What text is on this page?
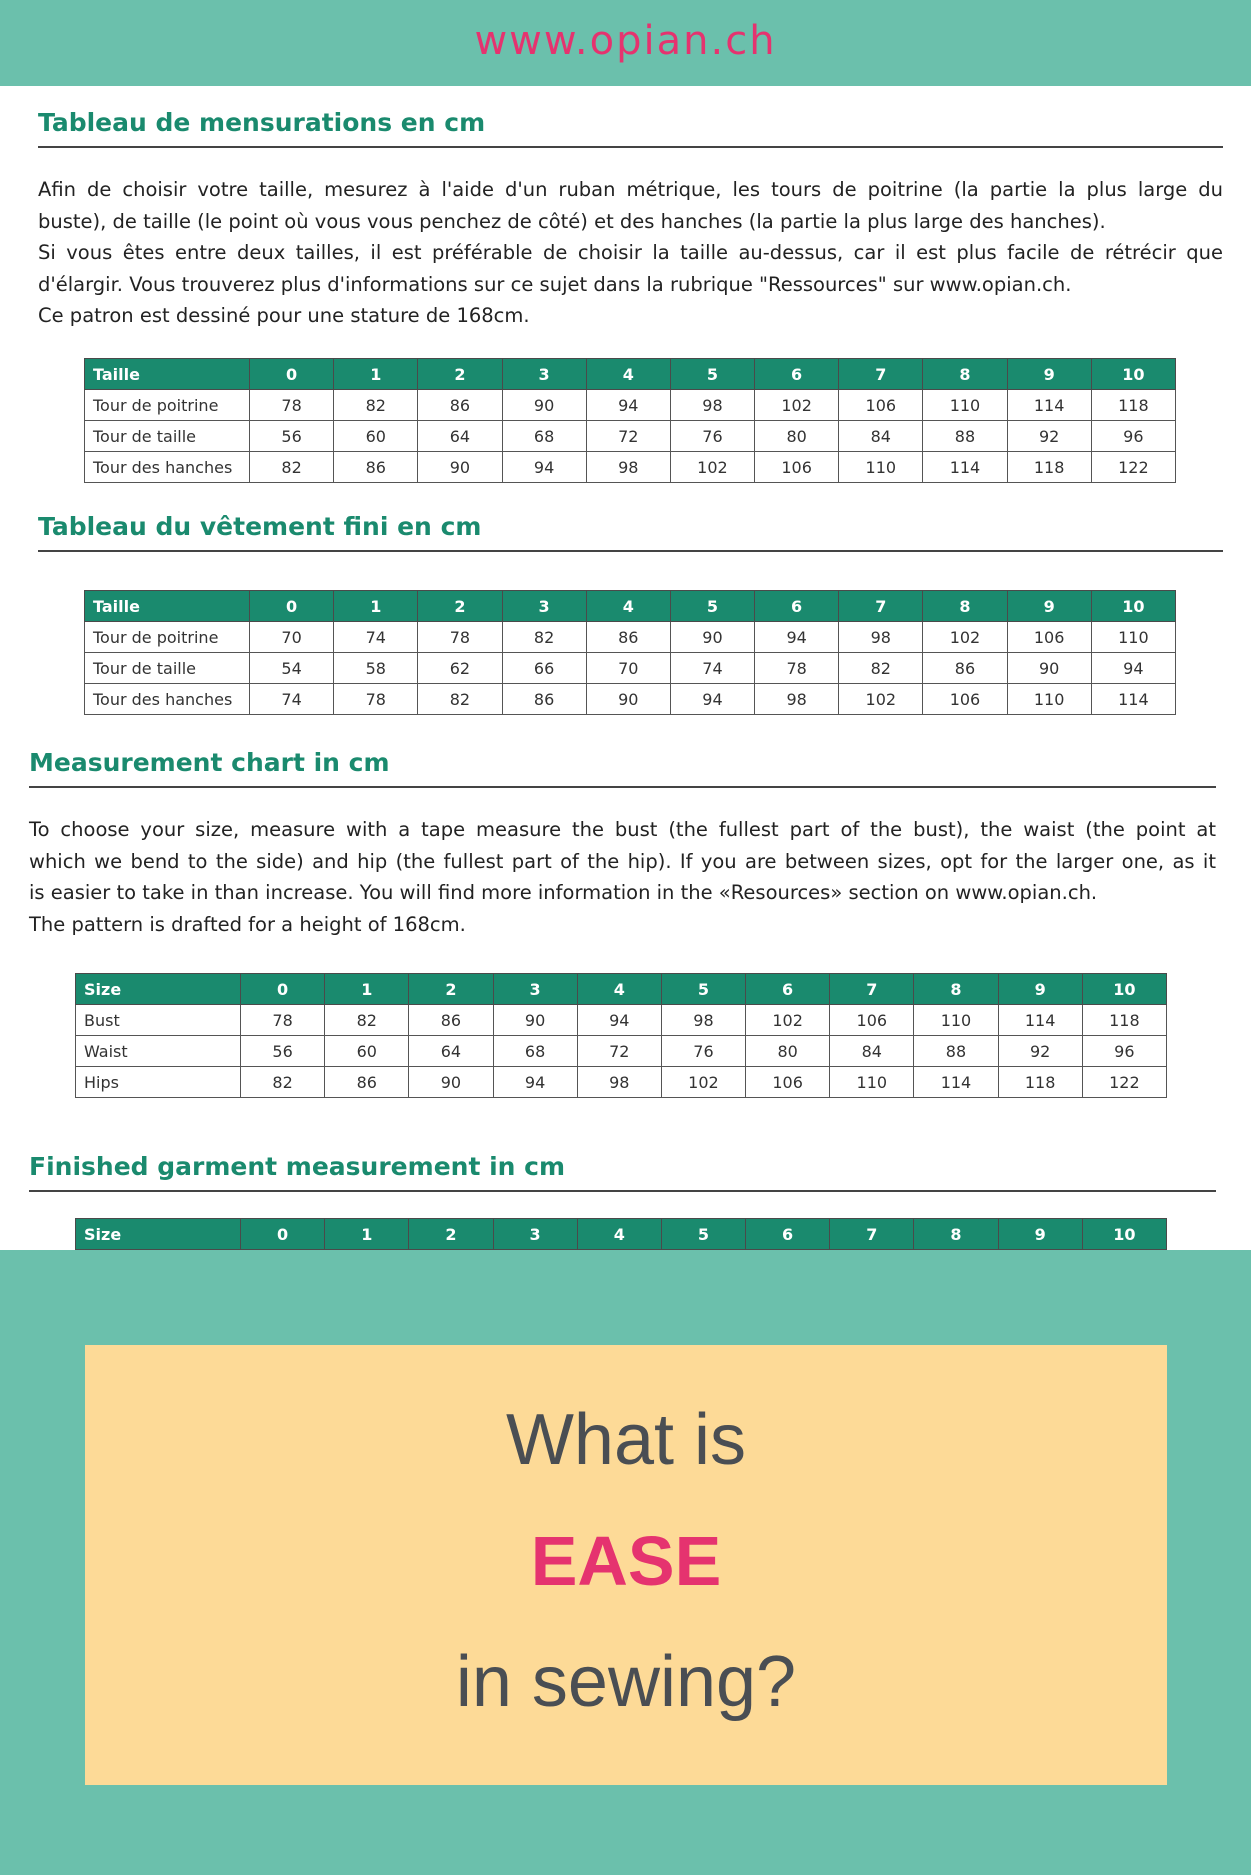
www.opian.ch
Tableau de mensurations en cm

Afin de choisir votre taille, mesurez à l'aide d'un ruban métrique, les tours de poitrine (la partie la plus large du

buste), de taille (le point où vous vous penchez de côté) et des hanches (la partie la plus large des hanches).

Si vous êtes entre deux tailles, il est préférable de choisir la taille au-dessus, car il est plus facile de rétrécir que

d'élargir. Vous trouverez plus d'informations sur ce sujet dans la rubrique "Ressources" sur www.opian.ch.

Ce patron est dessiné pour une stature de 168cm.

Taille	0	1	2	3	4	5	6	7	8	9	10
Tour de poitrine	78	82	86	90	94	98	102	106	110	114	118
Tour de taille	56	60	64	68	72	76	80	84	88	92	96
Tour des hanches	82	86	90	94	98	102	106	110	114	118	122
Tableau du vêtement fini en cm
Taille	0	1	2	3	4	5	6	7	8	9	10
Tour de poitrine	70	74	78	82	86	90	94	98	102	106	110
Tour de taille	54	58	62	66	70	74	78	82	86	90	94
Tour des hanches	74	78	82	86	90	94	98	102	106	110	114
Measurement chart in cm

To choose your size, measure with a tape measure the bust (the fullest part of the bust), the waist (the point at

which we bend to the side) and hip (the fullest part of the hip). If you are between sizes, opt for the larger one, as it

is easier to take in than increase. You will find more information in the «Resources» section on www.opian.ch.

The pattern is drafted for a height of 168cm.

Size	0	1	2	3	4	5	6	7	8	9	10
Bust	78	82	86	90	94	98	102	106	110	114	118
Waist	56	60	64	68	72	76	80	84	88	92	96
Hips	82	86	90	94	98	102	106	110	114	118	122
Finished garment measurement in cm
Size	0	1	2	3	4	5	6	7	8	9	10
What is
EASE
in sewing?
